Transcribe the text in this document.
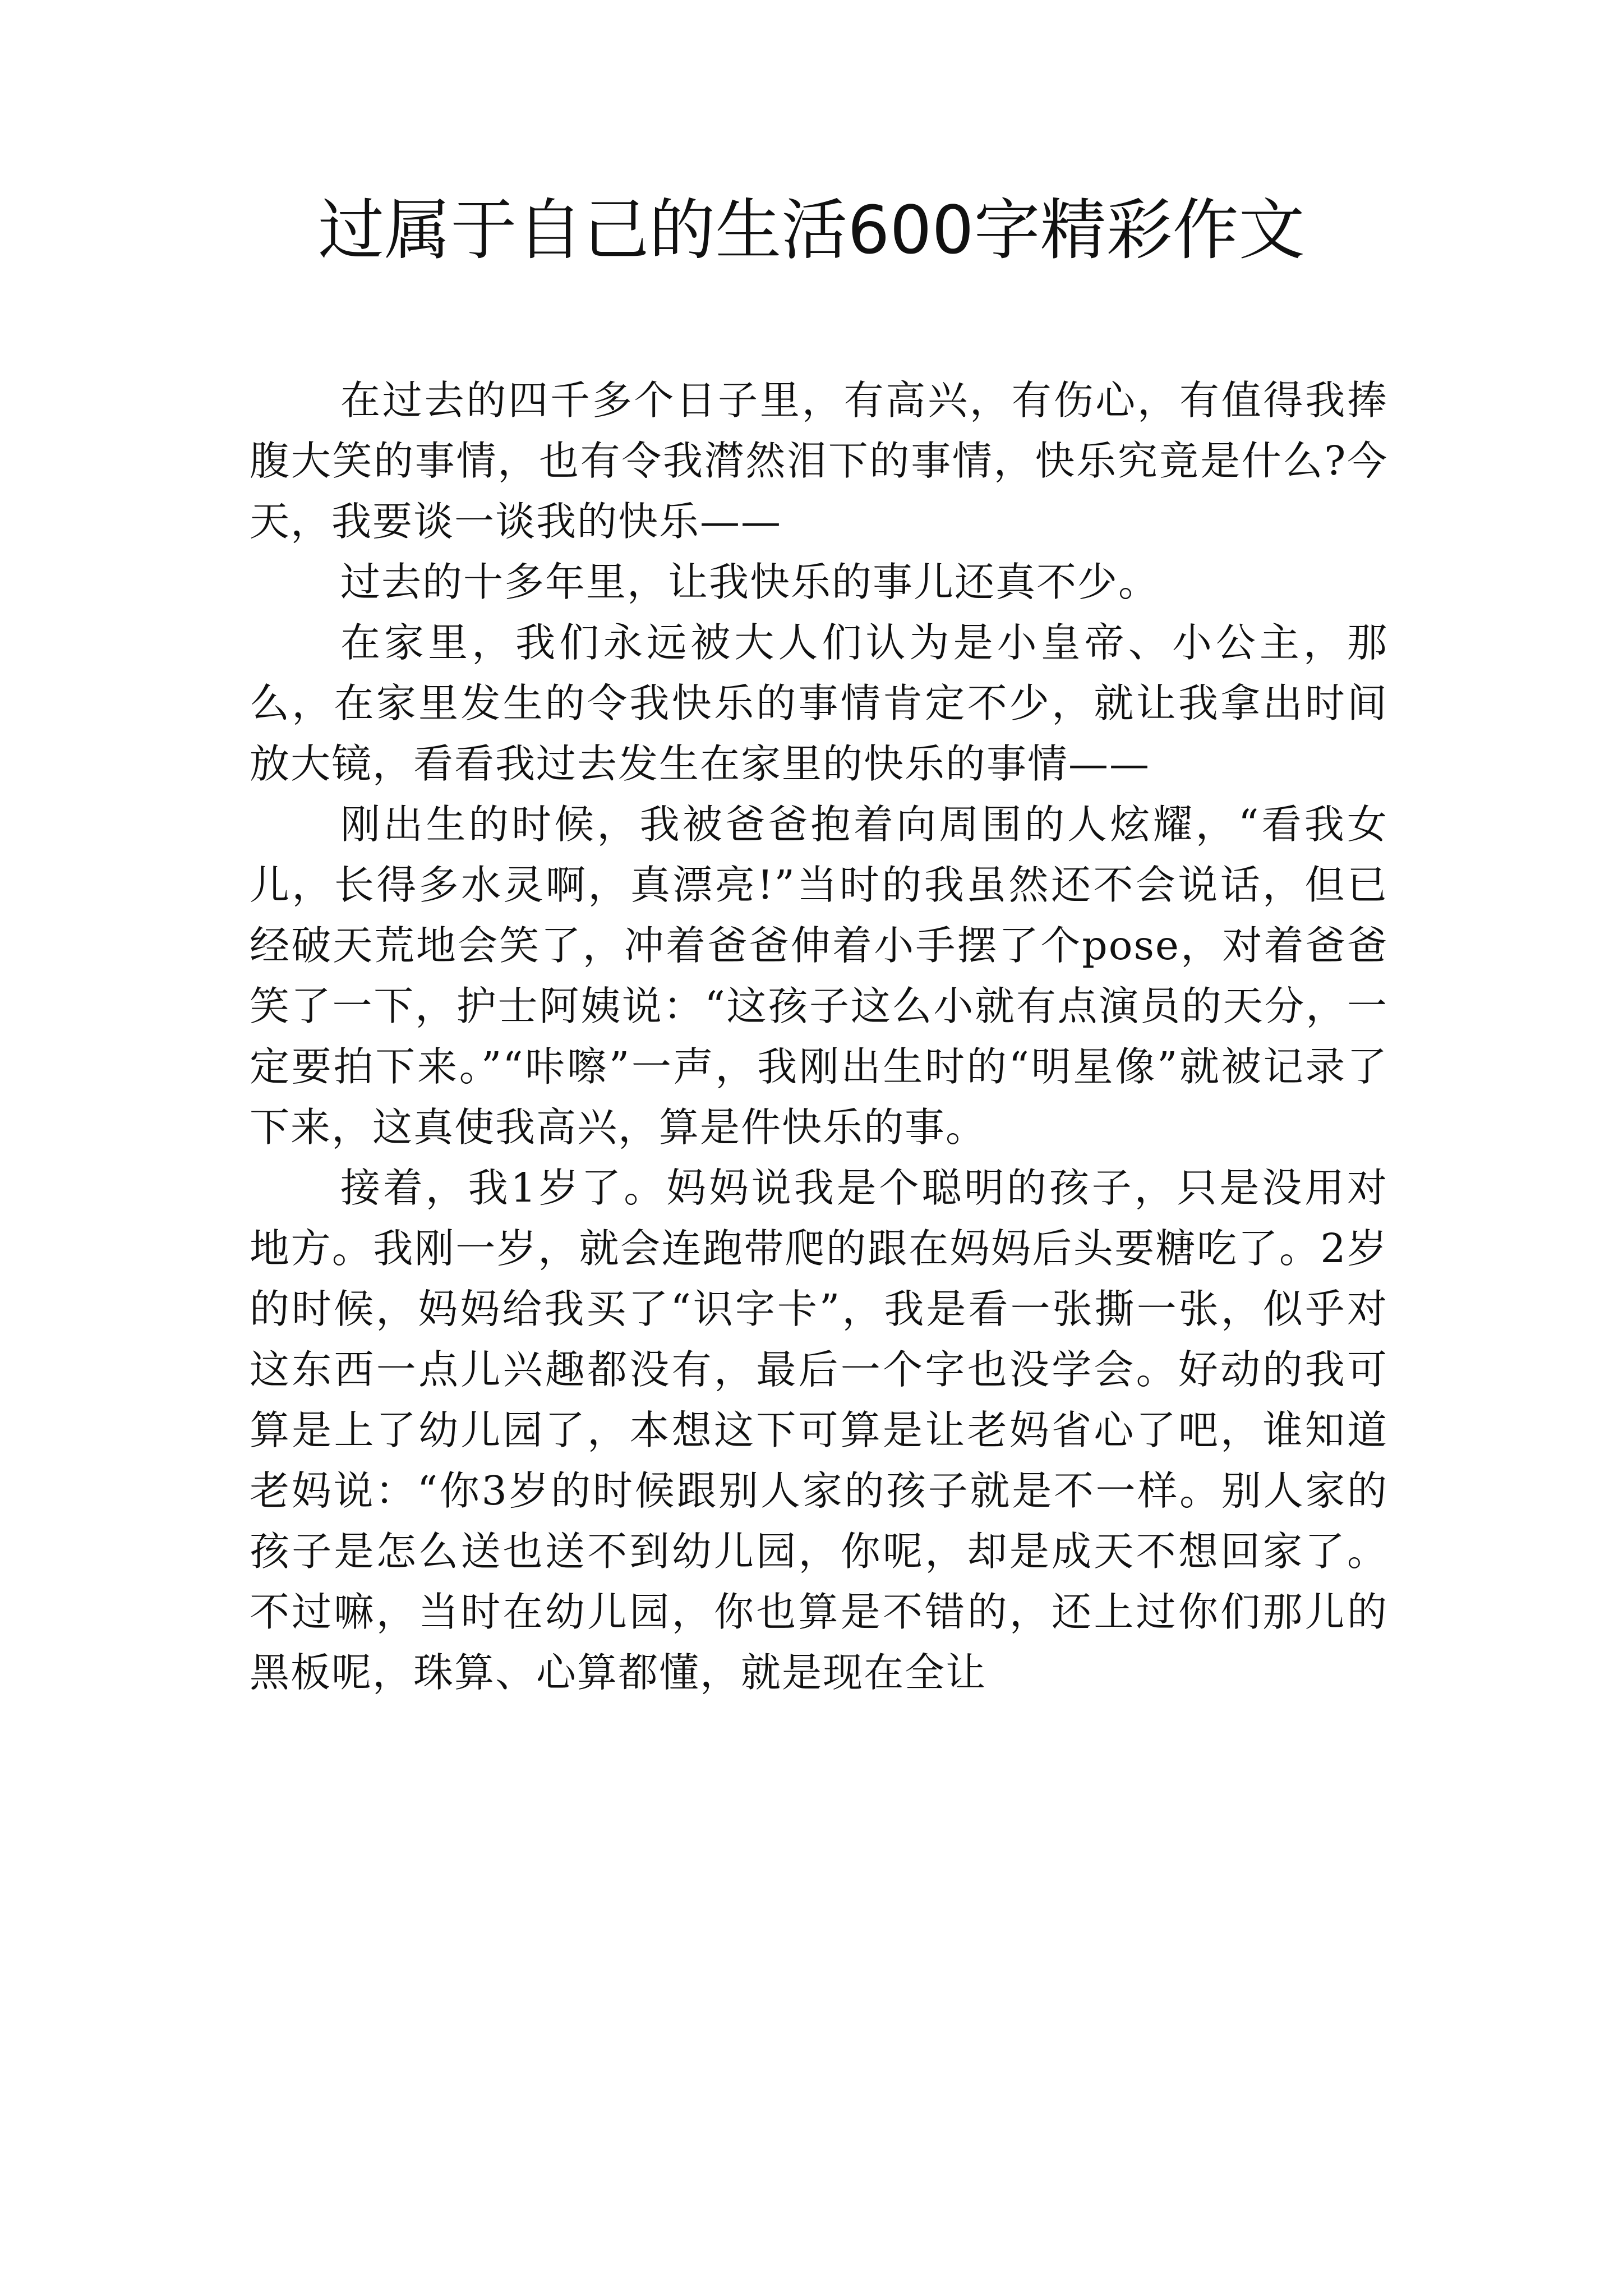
过属于自己的生活600字精彩作文

在过去的四千多个日子里，有高兴，有伤心，有值得我捧腹大笑的事情，也有令我潸然泪下的事情，快乐究竟是什么?今天，我要谈一谈我的快乐——

过去的十多年里，让我快乐的事儿还真不少。

在家里，我们永远被大人们认为是小皇帝、小公主，那么，在家里发生的令我快乐的事情肯定不少，就让我拿出时间放大镜，看看我过去发生在家里的快乐的事情——

刚出生的时候，我被爸爸抱着向周围的人炫耀，“看我女儿，长得多水灵啊，真漂亮!”当时的我虽然还不会说话，但已经破天荒地会笑了，冲着爸爸伸着小手摆了个pose，对着爸爸笑了一下，护士阿姨说：“这孩子这么小就有点演员的天分，一定要拍下来。”“咔嚓”一声，我刚出生时的“明星像”就被记录了下来，这真使我高兴，算是件快乐的事。

接着，我1岁了。妈妈说我是个聪明的孩子，只是没用对地方。我刚一岁，就会连跑带爬的跟在妈妈后头要糖吃了。2岁的时候，妈妈给我买了“识字卡”，我是看一张撕一张，似乎对这东西一点儿兴趣都没有，最后一个字也没学会。好动的我可算是上了幼儿园了，本想这下可算是让老妈省心了吧，谁知道老妈说：“你3岁的时候跟别人家的孩子就是不一样。别人家的孩子是怎么送也送不到幼儿园，你呢，却是成天不想回家了。不过嘛，当时在幼儿园，你也算是不错的，还上过你们那儿的黑板呢，珠算、心算都懂，就是现在全让
